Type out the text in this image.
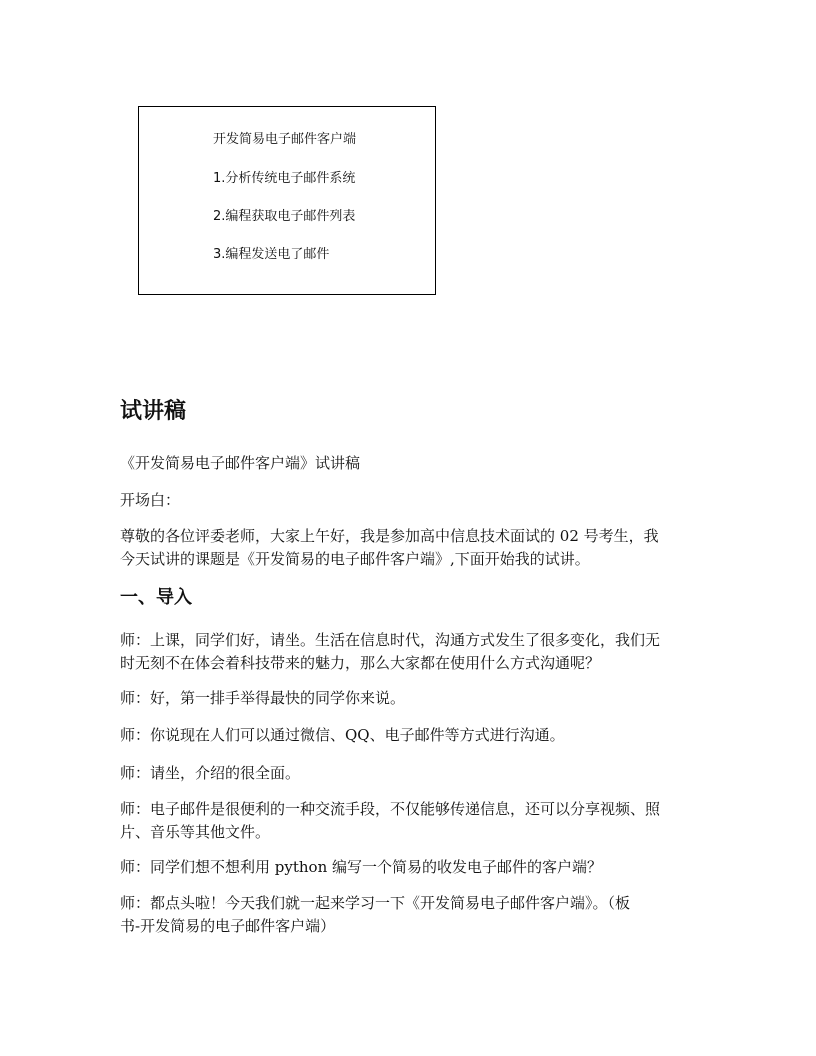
开发简易电子邮件客户端
1.分析传统电子邮件系统
2.编程获取电子邮件列表
3.编程发送电了邮件
试讲稿

《开发简易电子邮件客户端》试讲稿

开场白：

尊敬的各位评委老师，大家上午好，我是参加高中信息技术面试的 02 号考生，我
今天试讲的课题是《开发简易的电子邮件客户端》,下面开始我的试讲。
一、导入
师：上课，同学们好，请坐。生活在信息时代，沟通方式发生了很多变化，我们无
时无刻不在体会着科技带来的魅力，那么大家都在使用什么方式沟通呢？

师：好，第一排手举得最快的同学你来说。

师：你说现在人们可以通过微信、QQ、电子邮件等方式进行沟通。

师：请坐，介绍的很全面。

师：电子邮件是很便利的一种交流手段，不仅能够传递信息，还可以分享视频、照
片、音乐等其他文件。

师：同学们想不想利用 python 编写一个简易的收发电子邮件的客户端？

师：都点头啦！今天我们就一起来学习一下《开发简易电子邮件客户端》。（板
书-开发简易的电子邮件客户端）
